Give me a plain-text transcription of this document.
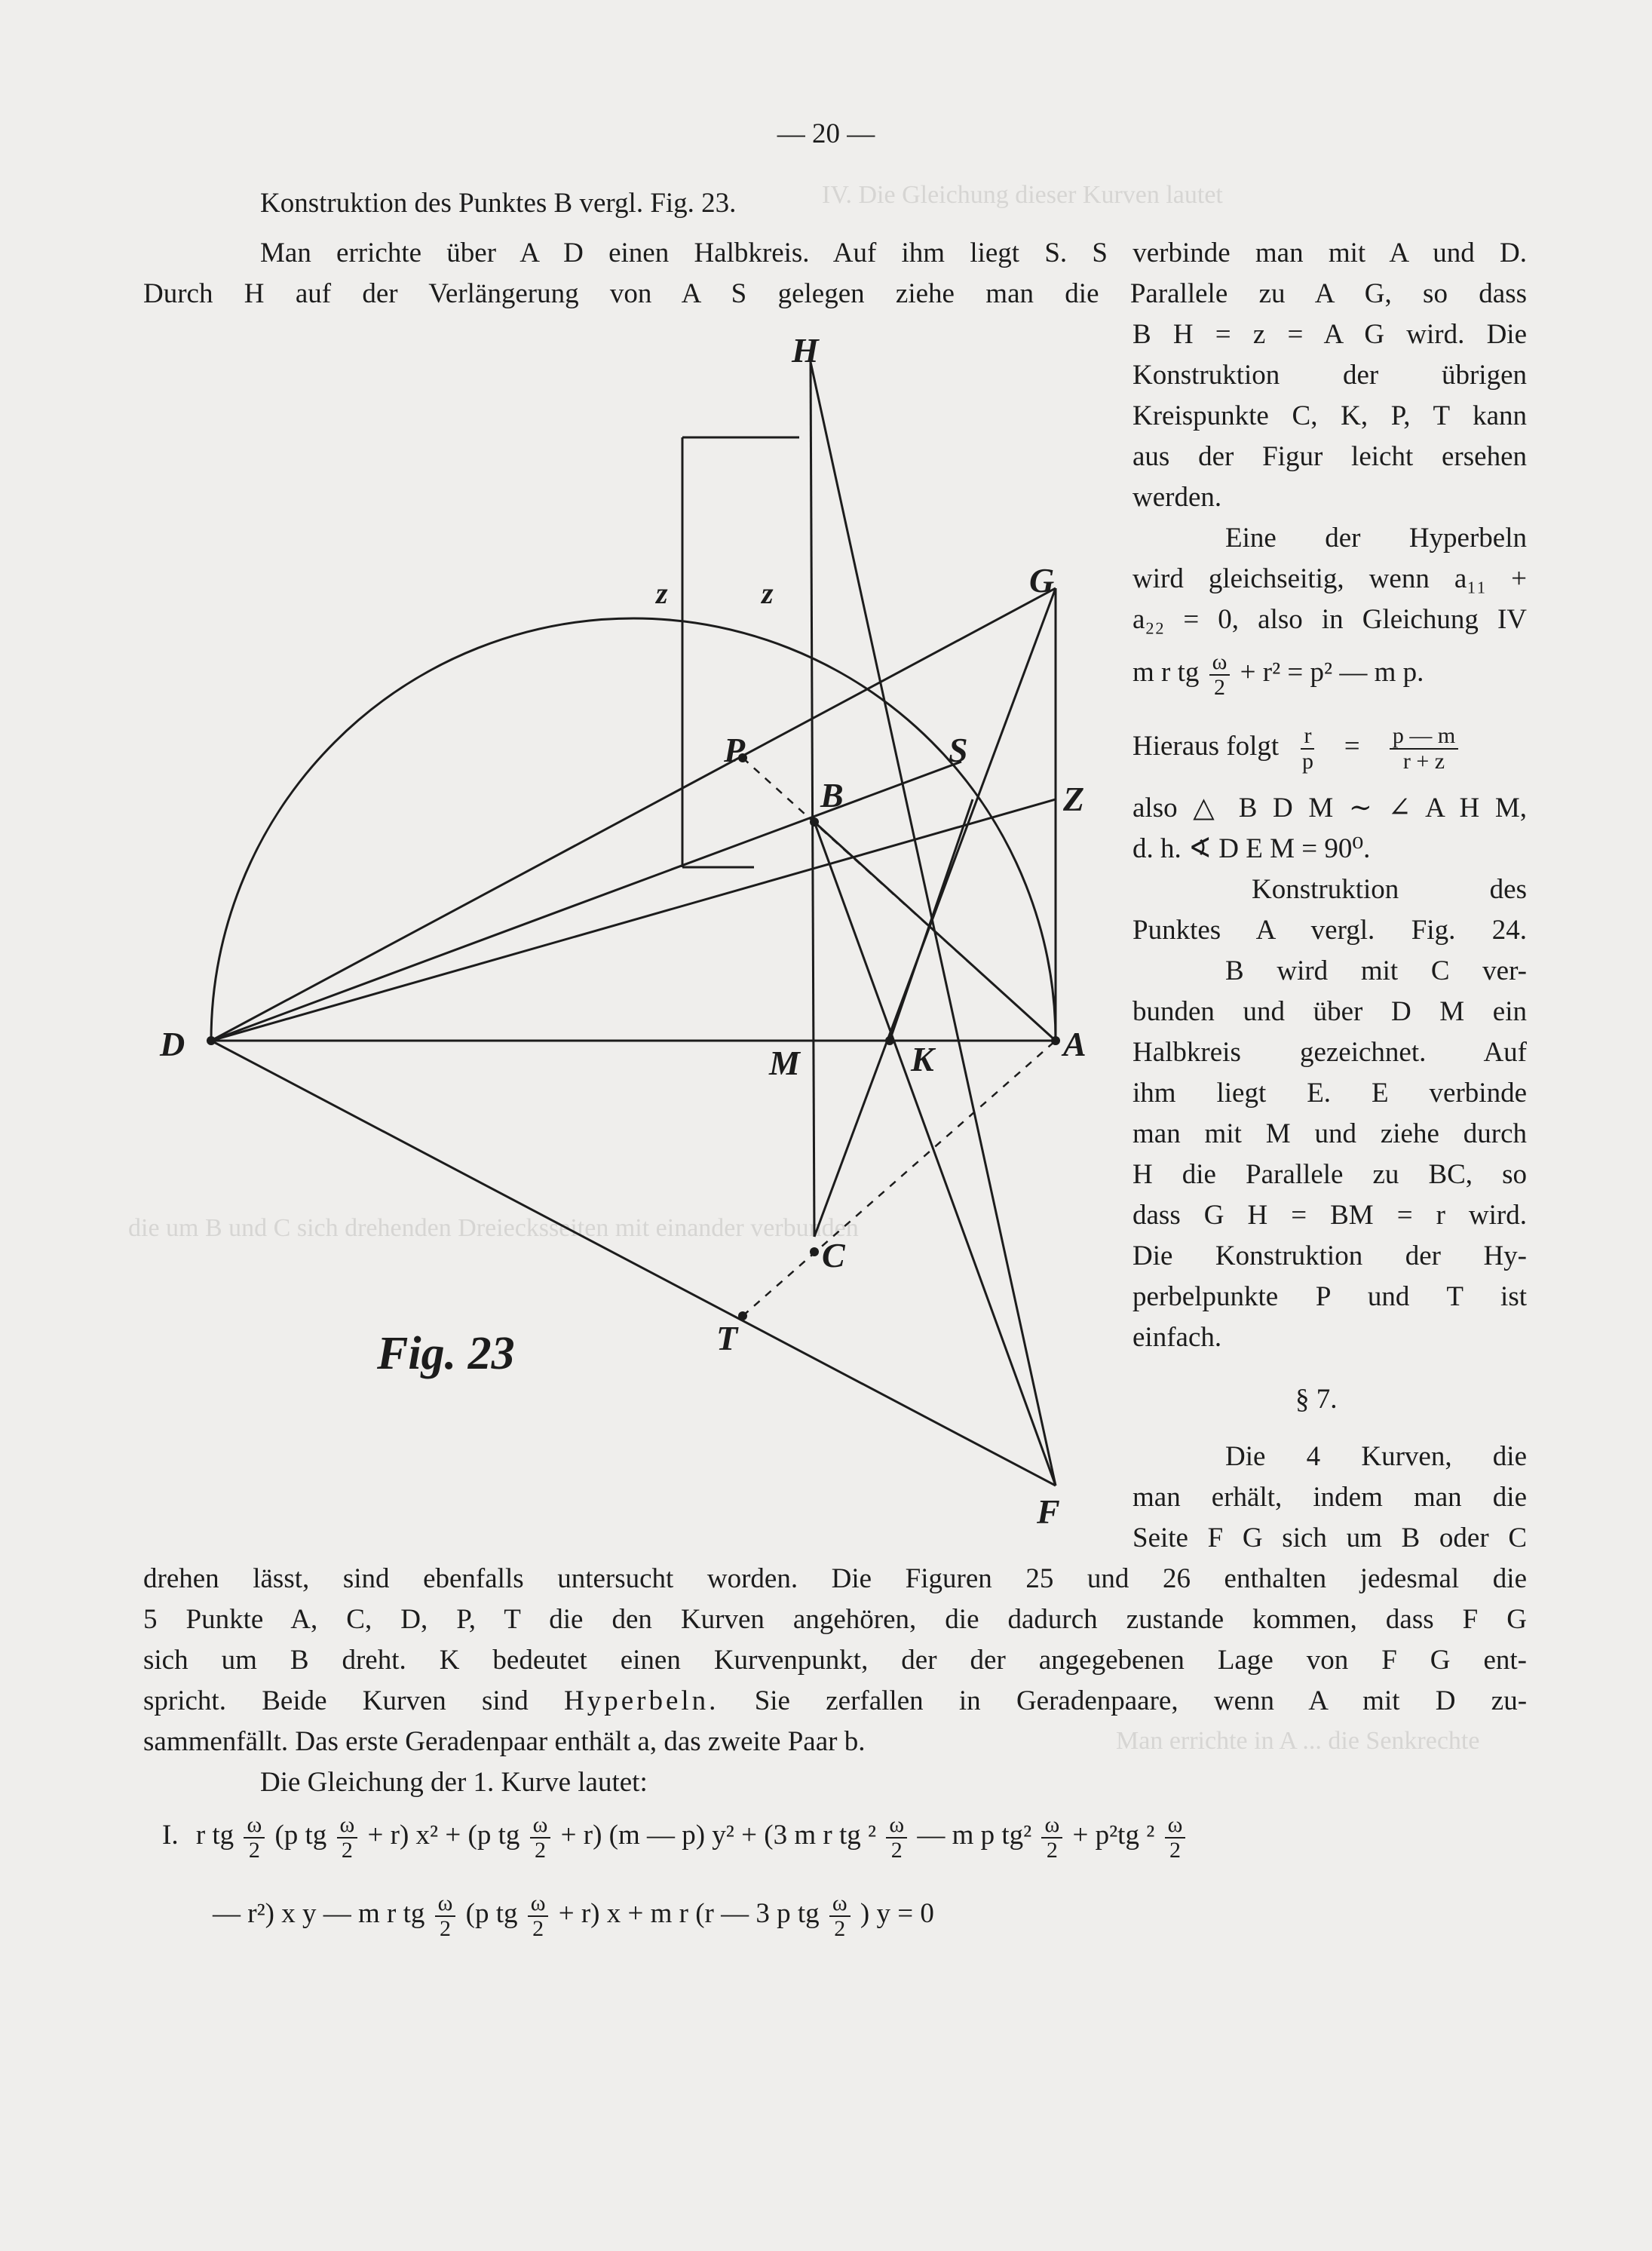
IV. Die Gleichung dieser Kurven lautet
die um B und C sich drehenden Dreiecksseiten mit einander verbunden
Man errichte in A ... die Senkrechte
— 20 —
Konstruktion des Punktes B vergl. Fig. 23.
Man errichte über A D einen Halbkreis. Auf ihm liegt S. S verbinde man mit A und D.
Durch H auf der Verlängerung von A S gelegen ziehe man die Parallele zu A G, so dass
B H = z = A G wird. Die
Konstruktion der übrigen
Kreispunkte C, K, P, T kann
aus der Figur leicht ersehen
werden.
Eine der Hyperbeln
wird gleichseitig, wenn a₁₁ +
a₂₂ = 0, also in Gleichung IV
m r tg $\frac{\omega}{2} + r^2 = p^2$ — m p.
Hieraus folgt $\frac{r}{p} = \frac{p — m}{r + z}$
also △ B D M ∼ ∠ A H M,
d. h. ∢ D E M = 90⁰.
Konstruktion des
Punktes A vergl. Fig. 24.
B wird mit C ver-
bunden und über D M ein
Halbkreis gezeichnet. Auf
ihm liegt E. E verbinde
man mit M und ziehe durch
H die Parallele zu BC, so
dass G H = BM = r wird.
Die Konstruktion der Hy-
perbelpunkte P und T ist
einfach.
§ 7.
Die 4 Kurven, die
man erhält, indem man die
Seite F G sich um B oder C
drehen lässt, sind ebenfalls untersucht worden. Die Figuren 25 und 26 enthalten jedesmal die
5 Punkte A, C, D, P, T die den Kurven angehören, die dadurch zustande kommen, dass F G
sich um B dreht. K bedeutet einen Kurvenpunkt, der der angegebenen Lage von F G ent-
spricht. Beide Kurven sind Hyperbeln. Sie zerfallen in Geradenpaare, wenn A mit D zu-
sammenfällt. Das erste Geradenpaar enthält a, das zweite Paar b.
Die Gleichung der 1. Kurve lautet:
I. r tg $\frac{\omega}{2} (p$ tg $\frac{\omega}{2} + r$) x² + (p tg $\frac{\omega}{2} + r$) (m — p) y² + (3 m r tg $^2 \frac{\omega}{2}$ — m p $tg^2 \frac{\omega}{2} + p^2tg$ $^2 \frac{\omega}{2}$
— r²) x y — m r tg $\frac{\omega}{2} (p$ tg $\frac{\omega}{2} + r$) x + m r (r — 3 p tg $\frac{\omega}{2}$ ) y = 0
H
G
S
P
B	Z
D	M	K	A
C
T
F
z	z
Fig. 23
